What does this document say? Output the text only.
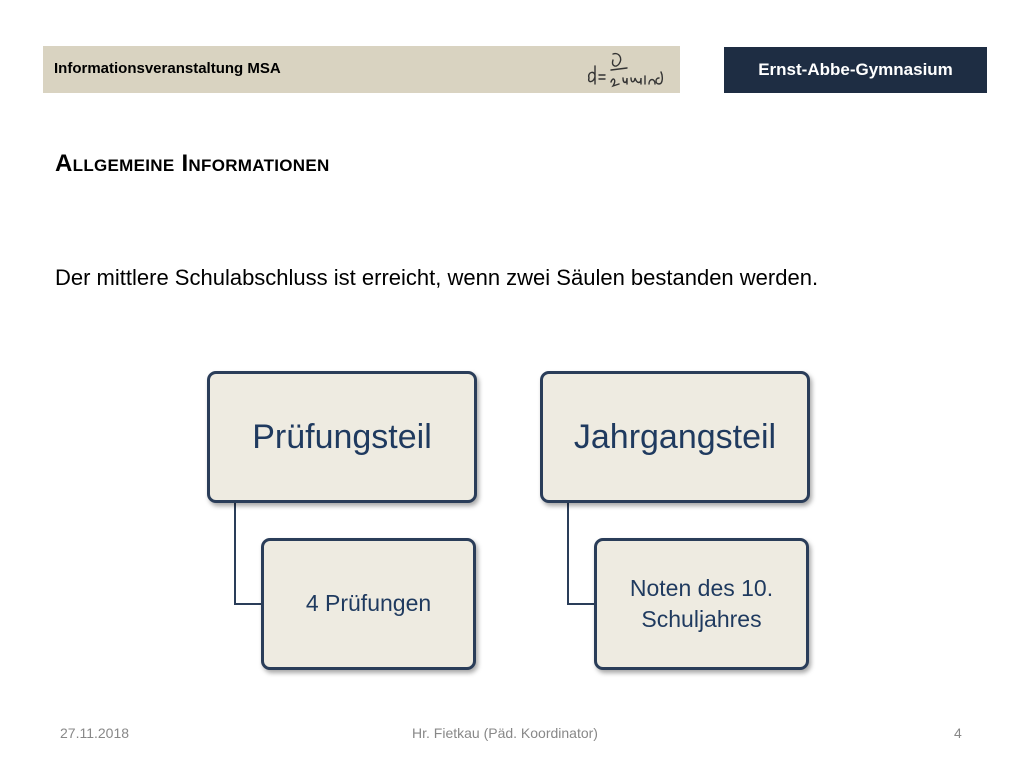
Informationsveranstaltung MSA	Ernst-Abbe-Gymnasium
Allgemeine Informationen
Der mittlere Schulabschluss ist erreicht, wenn zwei Säulen bestanden werden.
Prüfungsteil
4 Prüfungen
Jahrgangsteil
Noten des 10. Schuljahres
27.11.2018	Hr. Fietkau (Päd. Koordinator)	4
